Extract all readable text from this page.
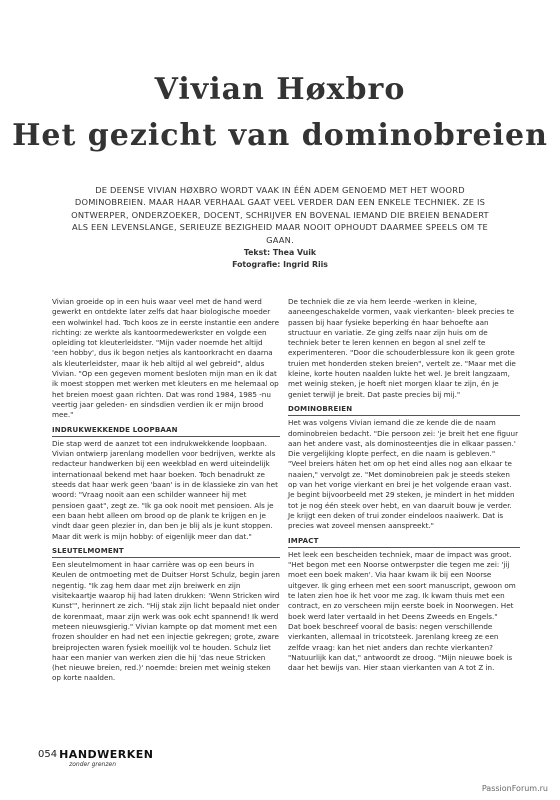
Vivian Høxbro
Het gezicht van dominobreien
DE DEENSE VIVIAN HØXBRO WORDT VAAK IN ÉÉN ADEM GENOEMD MET HET WOORD DOMINOBREIEN. MAAR HAAR VERHAAL GAAT VEEL VERDER DAN EEN ENKELE TECHNIEK. ZE IS ONTWERPER, ONDERZOEKER, DOCENT, SCHRIJVER EN BOVENAL IEMAND DIE BREIEN BENADERT ALS EEN LEVENSLANGE, SERIEUZE BEZIGHEID MAAR NOOIT OPHOUDT DAARMEE SPEELS OM TE GAAN.
Tekst: Thea Vuik
Fotografie: Ingrid Riis

Vivian groeide op in een huis waar veel met de hand werd gewerkt en ontdekte later zelfs dat haar biologische moeder een wolwinkel had. Toch koos ze in eerste instantie een andere richting: ze werkte als kantoormedewerkster en volgde een opleiding tot kleuterleidster. "Mijn vader noemde het altijd 'een hobby', dus ik begon netjes als kantoorkracht en daarna als kleuterleidster, maar ik heb altijd al wel gebreid", aldus Vivian. "Op een gegeven moment besloten mijn man en ik dat ik moest stoppen met werken met kleuters en me helemaal op het breien moest gaan richten. Dat was rond 1984, 1985 -nu veertig jaar geleden- en sindsdien verdien ik er mijn brood mee."

INDRUKWEKKENDE LOOPBAAN

Die stap werd de aanzet tot een indrukwekkende loopbaan. Vivian ontwierp jarenlang modellen voor bedrijven, werkte als redacteur handwerken bij een weekblad en werd uiteindelijk internationaal bekend met haar boeken. Toch benadrukt ze steeds dat haar werk geen 'baan' is in de klassieke zin van het woord: "Vraag nooit aan een schilder wanneer hij met pensioen gaat", zegt ze. "Ik ga ook nooit met pensioen. Als je een baan hebt alleen om brood op de plank te krijgen en je vindt daar geen plezier in, dan ben je blij als je kunt stoppen. Maar dit werk is mijn hobby: of eigenlijk meer dan dat."

SLEUTELMOMENT

Een sleutelmoment in haar carrière was op een beurs in Keulen de ontmoeting met de Duitser Horst Schulz, begin jaren negentig. "Ik zag hem daar met zijn breiwerk en zijn visitekaartje waarop hij had laten drukken: 'Wenn Stricken wird Kunst'", herinnert ze zich. "Hij stak zijn licht bepaald niet onder de korenmaat, maar zijn werk was ook echt spannend! Ik werd meteen nieuwsgierig." Vivian kampte op dat moment met een frozen shoulder en had net een injectie gekregen; grote, zware breiprojecten waren fysiek moeilijk vol te houden. Schulz liet haar een manier van werken zien die hij 'das neue Stricken (het nieuwe breien, red.)' noemde: breien met weinig steken op korte naalden.

De techniek die ze via hem leerde -werken in kleine, aaneengeschakelde vormen, vaak vierkanten- bleek precies te passen bij haar fysieke beperking én haar behoefte aan structuur en variatie. Ze ging zelfs naar zijn huis om de techniek beter te leren kennen en begon al snel zelf te experimenteren. "Door die schouderblessure kon ik geen grote truien met honderden steken breien", vertelt ze. "Maar met die kleine, korte houten naalden lukte het wel. Je breit langzaam, met weinig steken, je hoeft niet morgen klaar te zijn, én je geniet terwijl je breit. Dat paste precies bij mij."

DOMINOBREIEN

Het was volgens Vivian iemand die ze kende die de naam dominobreien bedacht. "Die persoon zei: 'je breit het ene figuur aan het andere vast, als dominosteentjes die in elkaar passen.' Die vergelijking klopte perfect, en die naam is gebleven."

"Veel breiers háten het om op het eind alles nog aan elkaar te naaien," vervolgt ze. "Met dominobreien pak je steeds steken op van het vorige vierkant en brei je het volgende eraan vast. Je begint bijvoorbeeld met 29 steken, je mindert in het midden tot je nog één steek over hebt, en van daaruit bouw je verder. Je krijgt een deken of trui zonder eindeloos naaiwerk. Dat is precies wat zoveel mensen aanspreekt."

IMPACT

Het leek een bescheiden techniek, maar de impact was groot. "Het begon met een Noorse ontwerpster die tegen me zei: 'jij moet een boek maken'. Via haar kwam ik bij een Noorse uitgever. Ik ging erheen met een soort manuscript, gewoon om te laten zien hoe ik het voor me zag. Ik kwam thuis met een contract, en zo verscheen mijn eerste boek in Noorwegen. Het boek werd later vertaald in het Deens Zweeds en Engels."

Dat boek beschreef vooral de basis: negen verschillende vierkanten, allemaal in tricotsteek. Jarenlang kreeg ze een zelfde vraag: kan het niet anders dan rechte vierkanten? "Natuurlijk kan dat," antwoordt ze droog. "Mijn nieuwe boek is daar het bewijs van. Hier staan vierkanten van A tot Z in.

054 HANDWERKEN
zonder grenzen
PassionForum.ru
